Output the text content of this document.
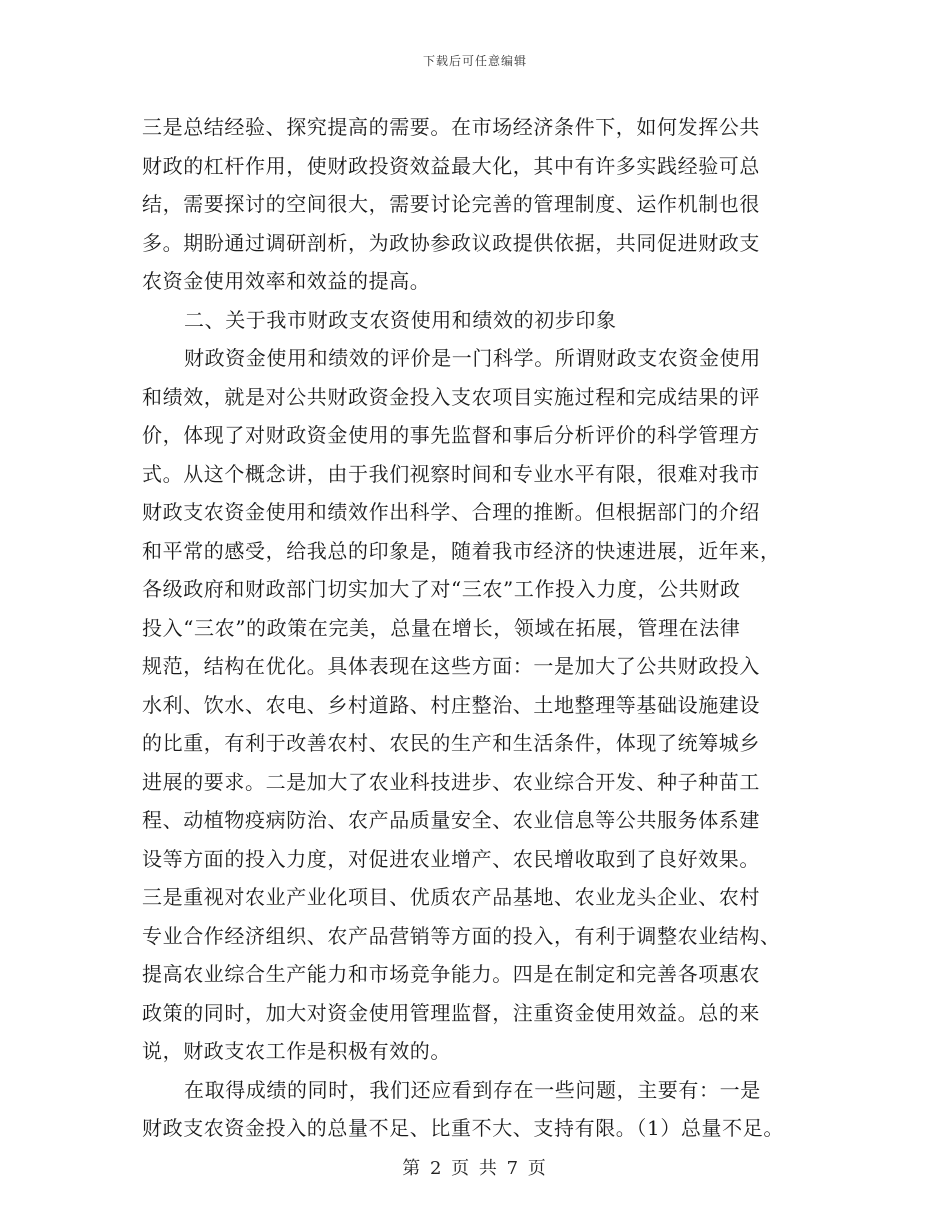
下载后可任意编辑
三是总结经验、探究提高的需要。在市场经济条件下，如何发挥公共
财政的杠杆作用，使财政投资效益最大化，其中有许多实践经验可总
结，需要探讨的空间很大，需要讨论完善的管理制度、运作机制也很
多。期盼通过调研剖析，为政协参政议政提供依据，共同促进财政支
农资金使用效率和效益的提高。
二、关于我市财政支农资使用和绩效的初步印象
财政资金使用和绩效的评价是一门科学。所谓财政支农资金使用
和绩效，就是对公共财政资金投入支农项目实施过程和完成结果的评
价，体现了对财政资金使用的事先监督和事后分析评价的科学管理方
式。从这个概念讲，由于我们视察时间和专业水平有限，很难对我市
财政支农资金使用和绩效作出科学、合理的推断。但根据部门的介绍
和平常的感受，给我总的印象是，随着我市经济的快速进展，近年来，
各级政府和财政部门切实加大了对“三农”工作投入力度，公共财政
投入“三农”的政策在完美，总量在增长，领域在拓展，管理在法律
规范，结构在优化。具体表现在这些方面：一是加大了公共财政投入
水利、饮水、农电、乡村道路、村庄整治、土地整理等基础设施建设
的比重，有利于改善农村、农民的生产和生活条件，体现了统筹城乡
进展的要求。二是加大了农业科技进步、农业综合开发、种子种苗工
程、动植物疫病防治、农产品质量安全、农业信息等公共服务体系建
设等方面的投入力度，对促进农业增产、农民增收取到了良好效果。
三是重视对农业产业化项目、优质农产品基地、农业龙头企业、农村
专业合作经济组织、农产品营销等方面的投入，有利于调整农业结构、
提高农业综合生产能力和市场竞争能力。四是在制定和完善各项惠农
政策的同时，加大对资金使用管理监督，注重资金使用效益。总的来
说，财政支农工作是积极有效的。
在取得成绩的同时，我们还应看到存在一些问题，主要有：一是
财政支农资金投入的总量不足、比重不大、支持有限。（1）总量不足。
第 2 页 共 7 页
